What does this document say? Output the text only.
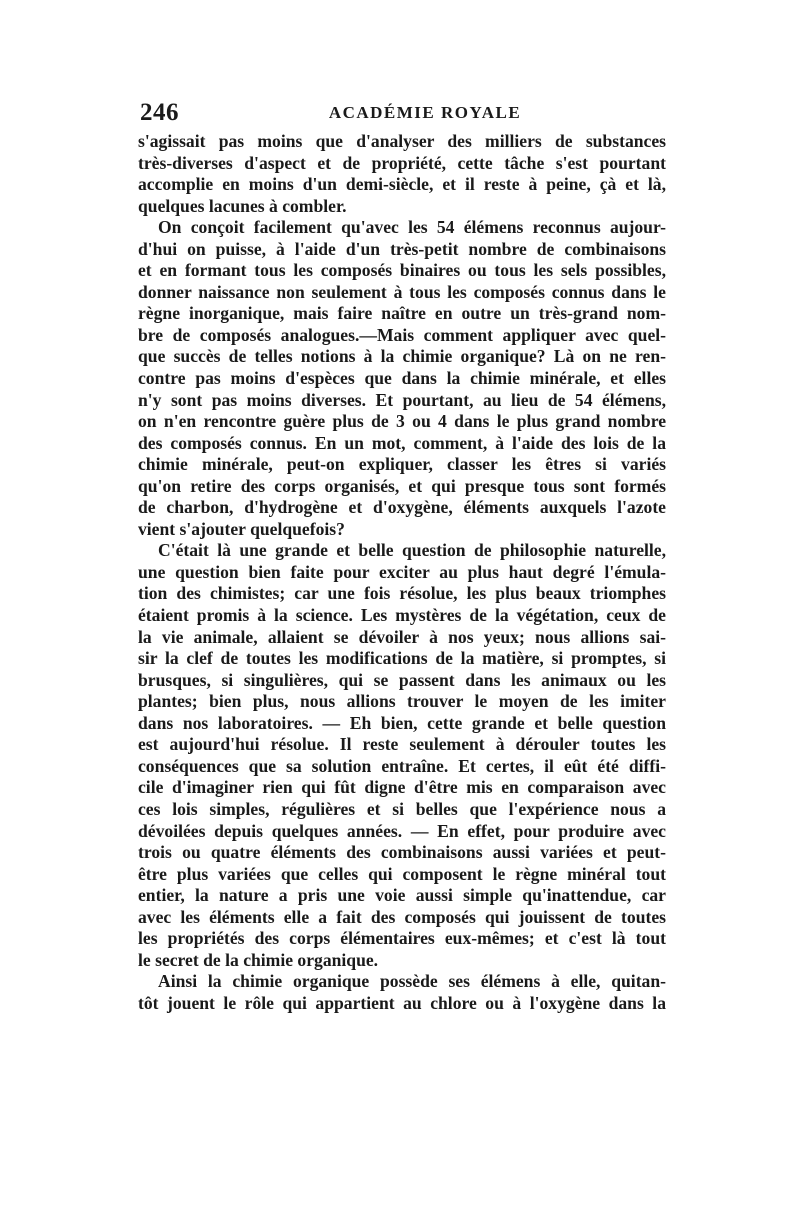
246	ACADÉMIE ROYALE
s'agissait pas moins que d'analyser des milliers de substances
très-diverses d'aspect et de propriété, cette tâche s'est pourtant
accomplie en moins d'un demi-siècle, et il reste à peine, çà et là,
quelques lacunes à combler.
On conçoit facilement qu'avec les 54 élémens reconnus aujour-
d'hui on puisse, à l'aide d'un très-petit nombre de combinaisons
et en formant tous les composés binaires ou tous les sels possibles,
donner naissance non seulement à tous les composés connus dans le
règne inorganique, mais faire naître en outre un très-grand nom-
bre de composés analogues.—Mais comment appliquer avec quel-
que succès de telles notions à la chimie organique? Là on ne ren-
contre pas moins d'espèces que dans la chimie minérale, et elles
n'y sont pas moins diverses. Et pourtant, au lieu de 54 élémens,
on n'en rencontre guère plus de 3 ou 4 dans le plus grand nombre
des composés connus. En un mot, comment, à l'aide des lois de la
chimie minérale, peut-on expliquer, classer les êtres si variés
qu'on retire des corps organisés, et qui presque tous sont formés
de charbon, d'hydrogène et d'oxygène, éléments auxquels l'azote
vient s'ajouter quelquefois?
C'était là une grande et belle question de philosophie naturelle,
une question bien faite pour exciter au plus haut degré l'émula-
tion des chimistes; car une fois résolue, les plus beaux triomphes
étaient promis à la science. Les mystères de la végétation, ceux de
la vie animale, allaient se dévoiler à nos yeux; nous allions sai-
sir la clef de toutes les modifications de la matière, si promptes, si
brusques, si singulières, qui se passent dans les animaux ou les
plantes; bien plus, nous allions trouver le moyen de les imiter
dans nos laboratoires. — Eh bien, cette grande et belle question
est aujourd'hui résolue. Il reste seulement à dérouler toutes les
conséquences que sa solution entraîne. Et certes, il eût été diffi-
cile d'imaginer rien qui fût digne d'être mis en comparaison avec
ces lois simples, régulières et si belles que l'expérience nous a
dévoilées depuis quelques années. — En effet, pour produire avec
trois ou quatre éléments des combinaisons aussi variées et peut-
être plus variées que celles qui composent le règne minéral tout
entier, la nature a pris une voie aussi simple qu'inattendue, car
avec les éléments elle a fait des composés qui jouissent de toutes
les propriétés des corps élémentaires eux-mêmes; et c'est là tout
le secret de la chimie organique.
Ainsi la chimie organique possède ses élémens à elle, quitan-
tôt jouent le rôle qui appartient au chlore ou à l'oxygène dans la
